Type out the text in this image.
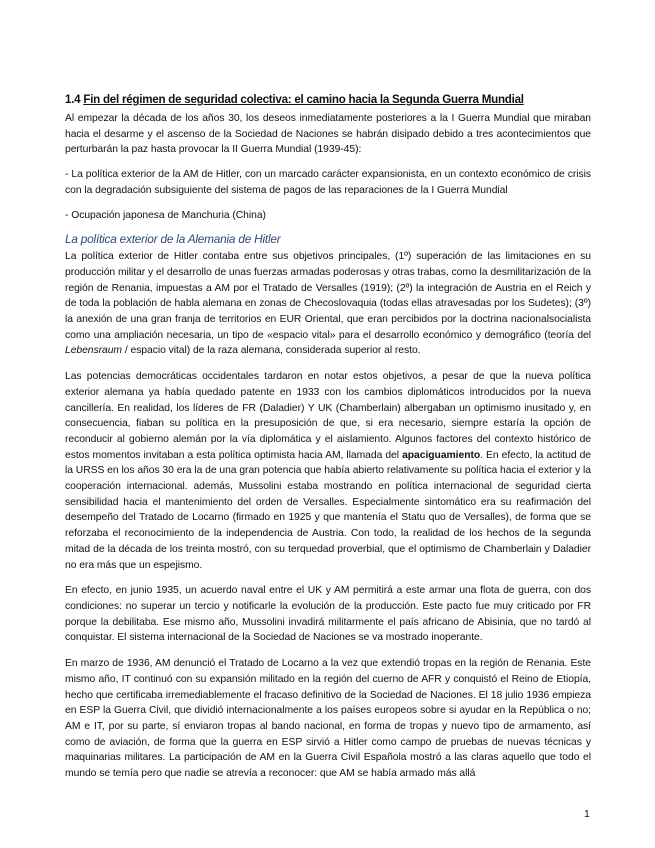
1.4 Fin del régimen de seguridad colectiva: el camino hacia la Segunda Guerra Mundial

Al empezar la década de los años 30, los deseos inmediatamente posteriores a la I Guerra Mundial que miraban hacia el desarme y el ascenso de la Sociedad de Naciones se habrán disipado debido a tres acontecimientos que perturbarán la paz hasta provocar la II Guerra Mundial (1939-45):

- La política exterior de la AM de Hitler, con un marcado carácter expansionista, en un contexto económico de crisis con la degradación subsiguiente del sistema de pagos de las reparaciones de la I Guerra Mundial

- Ocupación japonesa de Manchuria (China)

La política exterior de la Alemania de Hitler

La política exterior de Hitler contaba entre sus objetivos principales, (1º) superación de las limitaciones en su producción militar y el desarrollo de unas fuerzas armadas poderosas y otras trabas, como la desmilitarización de la región de Renania, impuestas a AM por el Tratado de Versalles (1919); (2º) la integración de Austria en el Reich y de toda la población de habla alemana en zonas de Checoslovaquia (todas ellas atravesadas por los Sudetes); (3º) la anexión de una gran franja de territorios en EUR Oriental, que eran percibidos por la doctrina nacionalsocialista como una ampliación necesaria, un tipo de «espacio vital» para el desarrollo económico y demográfico (teoría del Lebensraum / espacio vital) de la raza alemana, considerada superior al resto.

Las potencias democráticas occidentales tardaron en notar estos objetivos, a pesar de que la nueva política exterior alemana ya había quedado patente en 1933 con los cambios diplomáticos introducidos por la nueva cancillería. En realidad, los líderes de FR (Daladier) Y UK (Chamberlain) albergaban un optimismo inusitado y, en consecuencia, fiaban su política en la presuposición de que, si era necesario, siempre estaría la opción de reconducir al gobierno alemán por la vía diplomática y el aislamiento. Algunos factores del contexto histórico de estos momentos invitaban a esta política optimista hacia AM, llamada del apaciguamiento. En efecto, la actitud de la URSS en los años 30 era la de una gran potencia que había abierto relativamente su política hacia el exterior y la cooperación internacional. además, Mussolini estaba mostrando en política internacional de seguridad cierta sensibilidad hacia el mantenimiento del orden de Versalles. Especialmente sintomático era su reafirmación del desempeño del Tratado de Locarno (firmado en 1925 y que mantenía el Statu quo de Versalles), de forma que se reforzaba el reconocimiento de la independencia de Austria. Con todo, la realidad de los hechos de la segunda mitad de la década de los treinta mostró, con su terquedad proverbial, que el optimismo de Chamberlain y Daladier no era más que un espejismo.

En efecto, en junio 1935, un acuerdo naval entre el UK y AM permitirá a este armar una flota de guerra, con dos condiciones: no superar un tercio y notificarle la evolución de la producción. Este pacto fue muy criticado por FR porque la debilitaba. Ese mismo año, Mussolini invadirá militarmente el país africano de Abisinia, que no tardó al conquistar. El sistema internacional de la Sociedad de Naciones se va mostrado inoperante.

En marzo de 1936, AM denunció el Tratado de Locarno a la vez que extendió tropas en la región de Renania. Este mismo año, IT continuó con su expansión militado en la región del cuerno de AFR y conquistó el Reino de Etiopía, hecho que certificaba irremediablemente el fracaso definitivo de la Sociedad de Naciones. El 18 julio 1936 empieza en ESP la Guerra Civil, que dividió internacionalmente a los países europeos sobre si ayudar en la República o no; AM e IT, por su parte, sí enviaron tropas al bando nacional, en forma de tropas y nuevo tipo de armamento, así como de aviación, de forma que la guerra en ESP sirvió a Hitler como campo de pruebas de nuevas técnicas y maquinarias militares. La participación de AM en la Guerra Civil Española mostró a las claras aquello que todo el mundo se temía pero que nadie se atrevía a reconocer: que AM se había armado más allá

1
